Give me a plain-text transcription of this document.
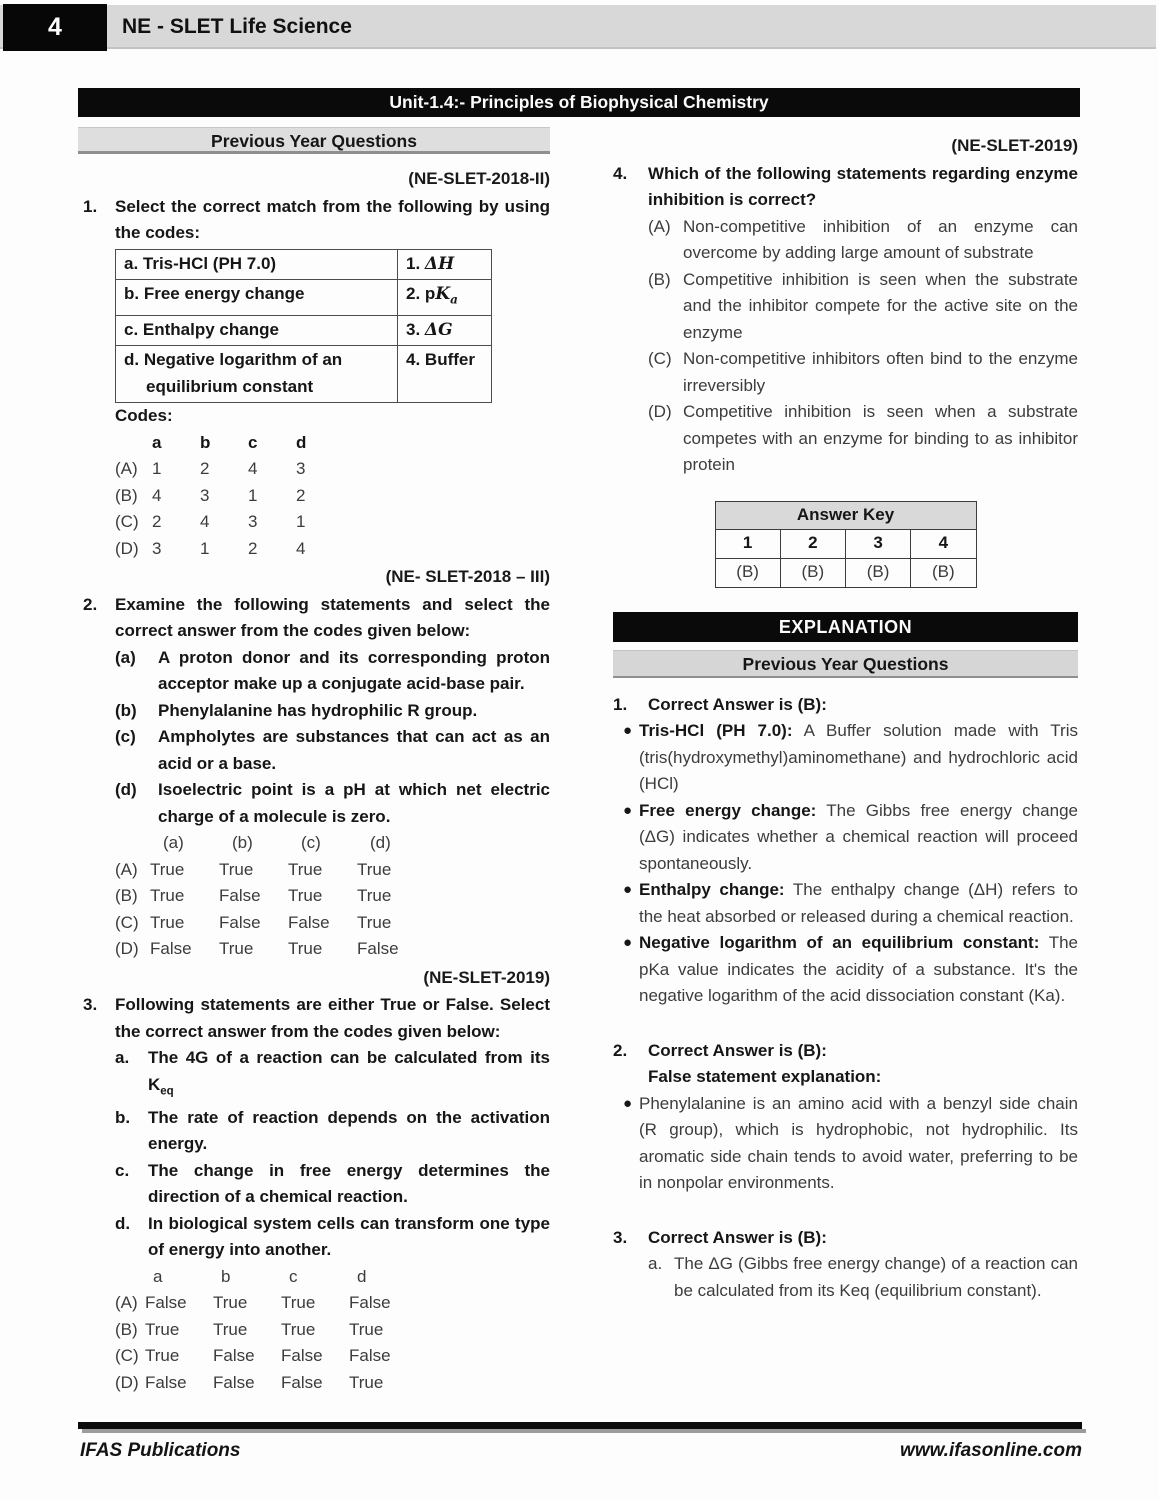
4	NE - SLET Life Science
Unit-1.4:- Principles of Biophysical Chemistry
Previous Year Questions
(NE-SLET-2018-II)
1.	Select the correct match from the following by using the codes:

a. Tris-HCl (PH 7.0)	1. ΔH
b. Free energy change	2. $pK_a$
c. Enthalpy change	3. ΔG

d. Negative logarithm of an equilibrium constant	4. Buffer

Codes:

a	b	c	d
(A) 1	2	4	3
(B) 4	3	1	2
(C) 2	4	3	1
(D) 3	1	2	4
(NE- SLET-2018 – III)
2.	Examine the following statements and select the correct answer from the codes given below:

(a)	A proton donor and its corresponding proton acceptor make up a conjugate acid-base pair.
(b)	Phenylalanine has hydrophilic R group.
(c)	Ampholytes are substances that can act as an acid or a base.
(d)	Isoelectric point is a pH at which net electric charge of a molecule is zero.
(a)	(b)	(c)	(d)
(A) True	True	True	True
(B) True	False	True	True
(C) True	False	False	True
(D) False	True	True	False
(NE-SLET-2019)
3.	Following statements are either True or False. Select the correct answer from the codes given below:

a.	The 4G of a reaction can be calculated from its $K_{eq}$
b.	The rate of reaction depends on the activation energy.
c.	The change in free energy determines the direction of a chemical reaction.
d.	In biological system cells can transform one type of energy into another.
a	b	c	d
(A) False	True	True	False
(B) True	True	True	True
(C) True	False	False	False
(D) False	False	False	True
(NE-SLET-2019)
4.	Which of the following statements regarding enzyme inhibition is correct?

(A) Non-competitive inhibition of an enzyme can overcome by adding large amount of substrate
(B) Competitive inhibition is seen when the substrate and the inhibitor compete for the active site on the enzyme
(C) Non-competitive inhibitors often bind to the enzyme irreversibly
(D) Competitive inhibition is seen when a substrate competes with an enzyme for binding to as inhibitor protein
Answer Key			
1	2	3	4
(B)	(B)	(B)	(B)
EXPLANATION
Previous Year Questions
1.	Correct Answer is (B):
● Tris-HCl (PH 7.0): A Buffer solution made with Tris (tris(hydroxymethyl)aminomethane) and hydrochloric acid (HCl)
● Free energy change: The Gibbs free energy change (ΔG) indicates whether a chemical reaction will proceed spontaneously.
● Enthalpy change: The enthalpy change (ΔH) refers to the heat absorbed or released during a chemical reaction.
● Negative logarithm of an equilibrium constant: The pKa value indicates the acidity of a substance. It's the negative logarithm of the acid dissociation constant (Ka).
2.	Correct Answer is (B):
False statement explanation:
● Phenylalanine is an amino acid with a benzyl side chain (R group), which is hydrophobic, not hydrophilic. Its aromatic side chain tends to avoid water, preferring to be in nonpolar environments.
3.	Correct Answer is (B):
a. The ΔG (Gibbs free energy change) of a reaction can be calculated from its Keq (equilibrium constant).
IFAS Publications	www.ifasonline.com
